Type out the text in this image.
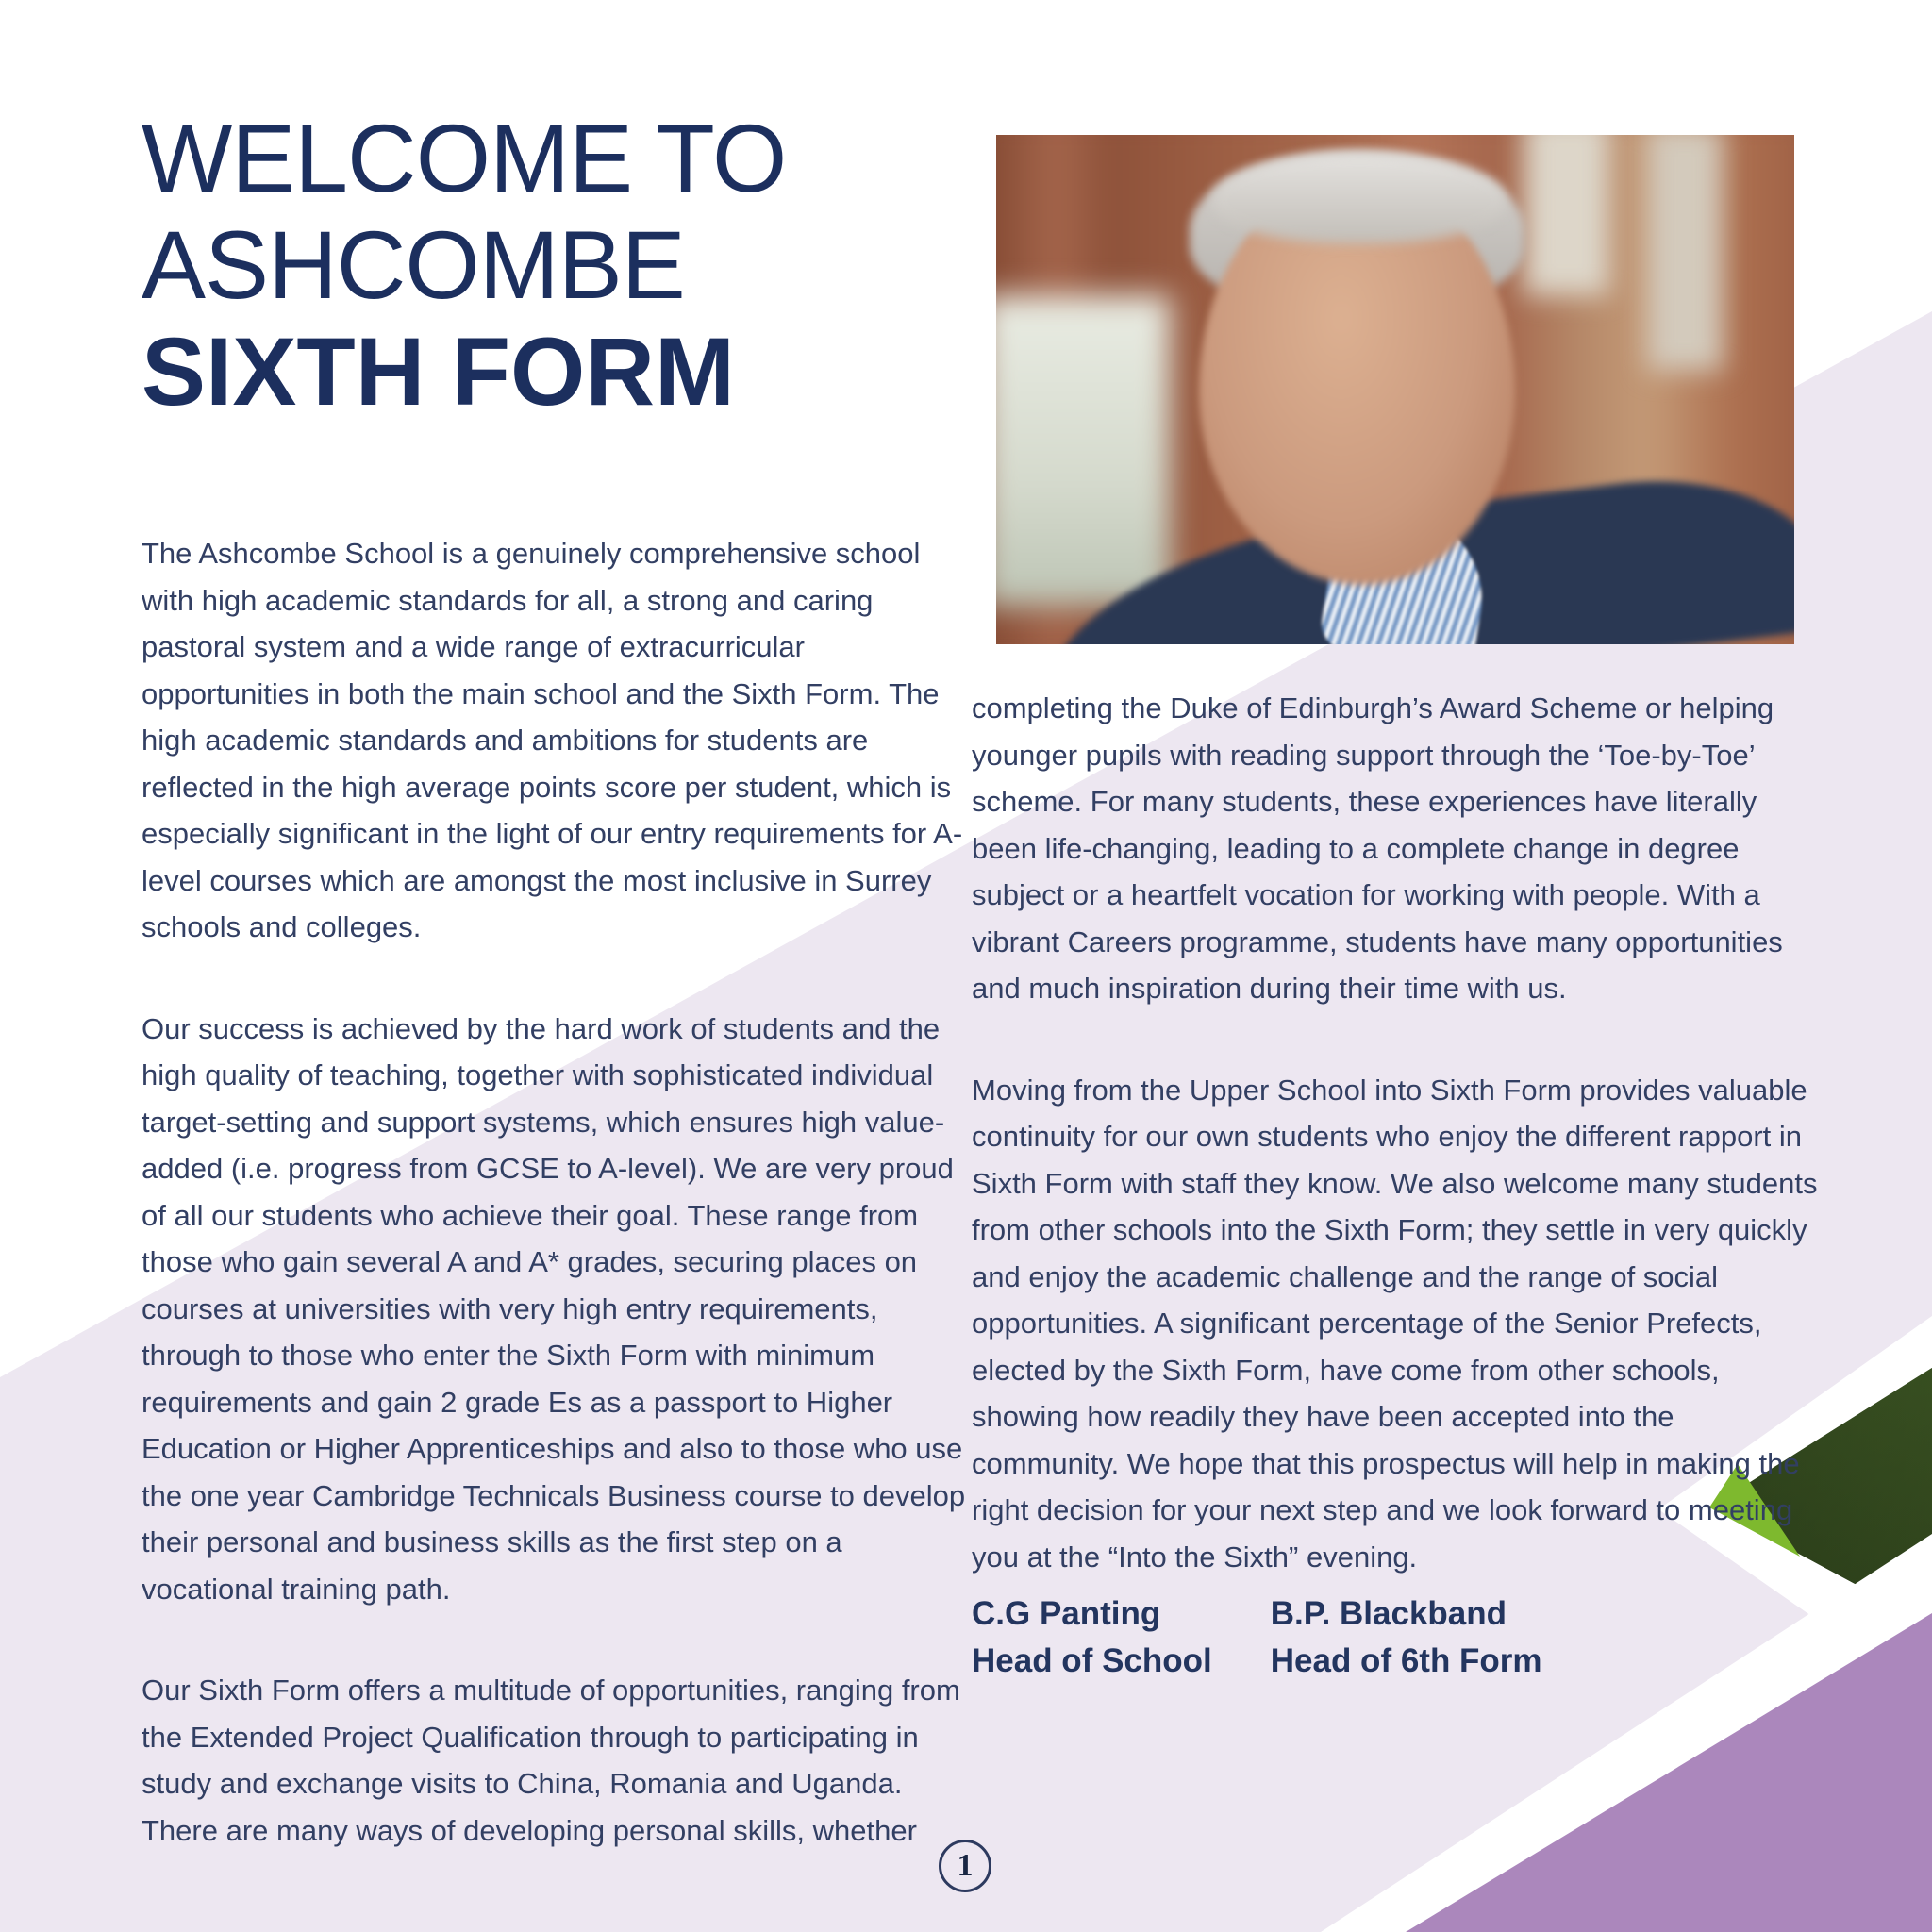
WELCOME TO
ASHCOMBE
SIXTH FORM

The Ashcombe School is a genuinely comprehensive school with high academic standards for all, a strong and caring pastoral system and a wide range of extracurricular opportunities in both the main school and the Sixth Form. The high academic standards and ambitions for students are reflected in the high average points score per student, which is especially significant in the light of our entry requirements for A-level courses which are amongst the most inclusive in Surrey schools and colleges.

Our success is achieved by the hard work of students and the high quality of teaching, together with sophisticated individual target-setting and support systems, which ensures high value-added (i.e. progress from GCSE to A-level). We are very proud of all our students who achieve their goal. These range from those who gain several A and A* grades, securing places on courses at universities with very high entry requirements, through to those who enter the Sixth Form with minimum requirements and gain 2 grade Es as a passport to Higher Education or Higher Apprenticeships and also to those who use the one year Cambridge Technicals Business course to develop their personal and business skills as the first step on a vocational training path.

Our Sixth Form offers a multitude of opportunities, ranging from the Extended Project Qualification through to participating in study and exchange visits to China, Romania and Uganda. There are many ways of developing personal skills, whether

completing the Duke of Edinburgh’s Award Scheme or helping younger pupils with reading support through the ‘Toe-by-Toe’ scheme. For many students, these experiences have literally been life-changing, leading to a complete change in degree subject or a heartfelt vocation for working with people. With a vibrant Careers programme, students have many opportunities and much inspiration during their time with us.

Moving from the Upper School into Sixth Form provides valuable continuity for our own students who enjoy the different rapport in Sixth Form with staff they know. We also welcome many students from other schools into the Sixth Form; they settle in very quickly and enjoy the academic challenge and the range of social opportunities. A significant percentage of the Senior Prefects, elected by the Sixth Form, have come from other schools, showing how readily they have been accepted into the community. We hope that this prospectus will help in making the right decision for your next step and we look forward to meeting you at the “Into the Sixth” evening.

C.G Panting
Head of School
B.P. Blackband
Head of 6th Form
1
